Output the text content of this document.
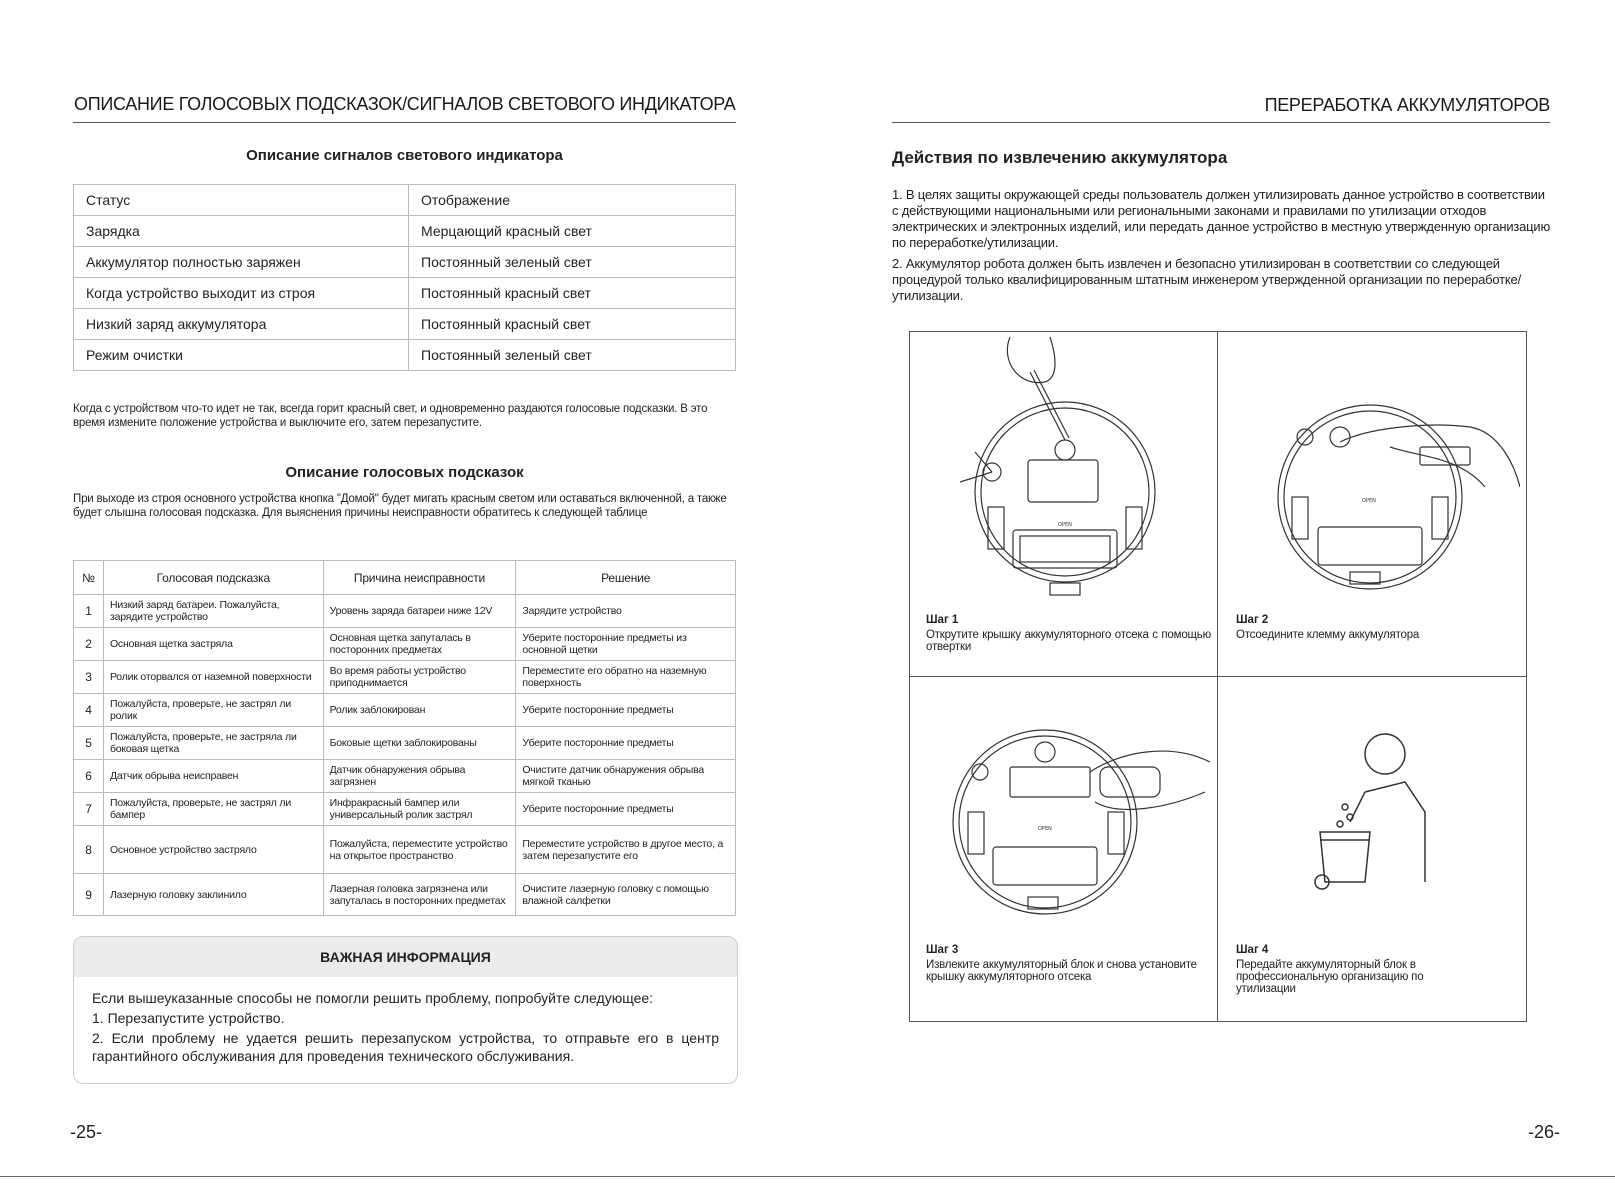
ОПИСАНИЕ ГОЛОСОВЫХ ПОДСКАЗОК/СИГНАЛОВ СВЕТОВОГО ИНДИКАТОРА
Описание сигналов светового индикатора
Статус	Отображение
Зарядка	Мерцающий красный свет
Аккумулятор полностью заряжен	Постоянный зеленый свет
Когда устройство выходит из строя	Постоянный красный свет
Низкий заряд аккумулятора	Постоянный красный свет
Режим очистки	Постоянный зеленый свет
Когда с устройством что-то идет не так, всегда горит красный свет, и одновременно раздаются голосовые подсказки. В это время измените положение устройства и выключите его, затем перезапустите.
Описание голосовых подсказок
При выходе из строя основного устройства кнопка "Домой" будет мигать красным светом или оставаться включенной, а также будет слышна голосовая подсказка. Для выяснения причины неисправности обратитесь к следующей таблице
№	Голосовая подсказка	Причина неисправности	Решение
1	Низкий заряд батареи. Пожалуйста, зарядите устройство	Уровень заряда батареи ниже 12V	Зарядите устройство
2	Основная щетка застряла	Основная щетка запуталась в посторонних предметах	Уберите посторонние предметы из основной щетки
3	Ролик оторвался от наземной поверхности	Во время работы устройство приподнимается	Переместите его обратно на наземную поверхность
4	Пожалуйста, проверьте, не застрял ли ролик	Ролик заблокирован	Уберите посторонние предметы
5	Пожалуйста, проверьте, не застряла ли боковая щетка	Боковые щетки заблокированы	Уберите посторонние предметы
6	Датчик обрыва неисправен	Датчик обнаружения обрыва загрязнен	Очистите датчик обнаружения обрыва мягкой тканью
7	Пожалуйста, проверьте, не застрял ли бампер	Инфракрасный бампер или универсальный ролик застрял	Уберите посторонние предметы
8	Основное устройство застряло	Пожалуйста, переместите устройство на открытое пространство	Переместите устройство в другое место, а затем перезапустите его
9	Лазерную головку заклинило	Лазерная головка загрязнена или запуталась в посторонних предметах	Очистите лазерную головку с помощью влажной салфетки
ВАЖНАЯ ИНФОРМАЦИЯ
Если вышеуказанные способы не помогли решить проблему, попробуйте следующее:
1. Перезапустите устройство.
2. Если проблему не удается решить перезапуском устройства, то отправьте его в центр гарантийного обслуживания для проведения технического обслуживания.
-25-
ПЕРЕРАБОТКА АККУМУЛЯТОРОВ
Действия по извлечению аккумулятора
1. В целях защиты окружающей среды пользователь должен утилизировать данное устройство в соответствии с действующими национальными или региональными законами и правилами по утилизации отходов электрических и электронных изделий, или передать данное устройство в местную утвержденную организацию по переработке/утилизации.
2. Аккумулятор робота должен быть извлечен и безопасно утилизирован в соответствии со следующей процедурой только квалифицированным штатным инженером утвержденной организации по переработке/утилизации.
OPEN
Шаг 1
Открутите крышку аккумуляторного отсека с помощью отвертки
OPEN
Шаг 2
Отсоедините клемму аккумулятора
OPEN
Шаг 3
Извлеките аккумуляторный блок и снова установите крышку аккумуляторного отсека
Шаг 4
Передайте аккумуляторный блок в профессиональную организацию по утилизации
-26-
